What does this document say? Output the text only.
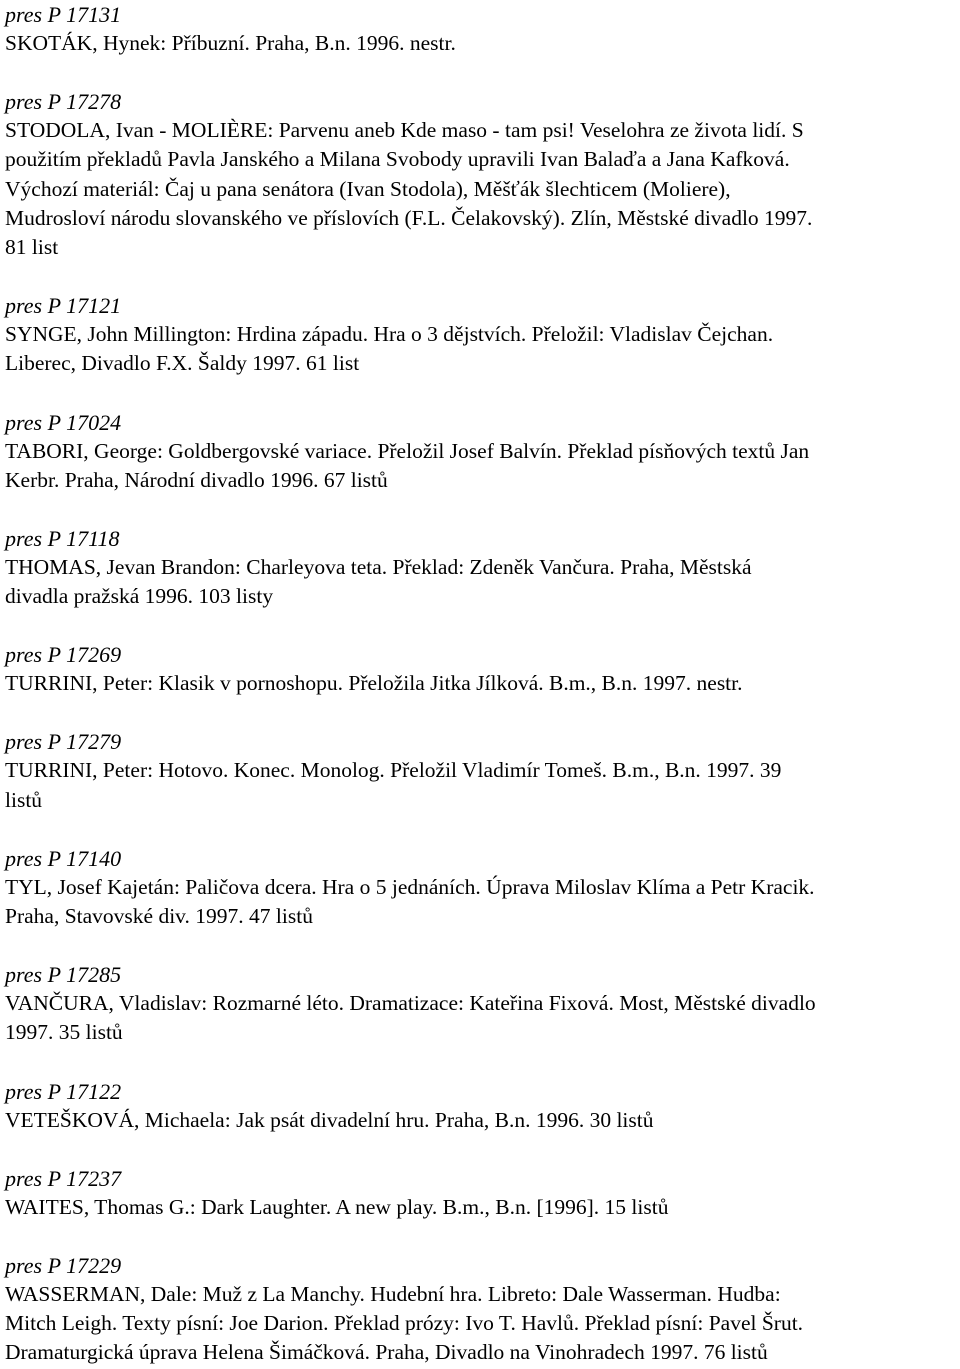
pres P 17131
SKOTÁK, Hynek: Příbuzní. Praha, B.n. 1996. nestr.
pres P 17278
STODOLA, Ivan - MOLIÈRE: Parvenu aneb Kde maso - tam psi! Veselohra ze života lidí. S
použitím překladů Pavla Janského a Milana Svobody upravili Ivan Balaďa a Jana Kafková.
Výchozí materiál: Čaj u pana senátora (Ivan Stodola), Měšťák šlechticem (Moliere),
Mudrosloví národu slovanského ve příslovích (F.L. Čelakovský). Zlín, Městské divadlo 1997.
81 list
pres P 17121
SYNGE, John Millington: Hrdina západu. Hra o 3 dějstvích. Přeložil: Vladislav Čejchan.
Liberec, Divadlo F.X. Šaldy 1997. 61 list
pres P 17024
TABORI, George: Goldbergovské variace. Přeložil Josef Balvín. Překlad písňových textů Jan
Kerbr. Praha, Národní divadlo 1996. 67 listů
pres P 17118
THOMAS, Jevan Brandon: Charleyova teta. Překlad: Zdeněk Vančura. Praha, Městská
divadla pražská 1996. 103 listy
pres P 17269
TURRINI, Peter: Klasik v pornoshopu. Přeložila Jitka Jílková. B.m., B.n. 1997. nestr.
pres P 17279
TURRINI, Peter: Hotovo. Konec. Monolog. Přeložil Vladimír Tomeš. B.m., B.n. 1997. 39
listů
pres P 17140
TYL, Josef Kajetán: Paličova dcera. Hra o 5 jednáních. Úprava Miloslav Klíma a Petr Kracik.
Praha, Stavovské div. 1997. 47 listů
pres P 17285
VANČURA, Vladislav: Rozmarné léto. Dramatizace: Kateřina Fixová. Most, Městské divadlo
1997. 35 listů
pres P 17122
VETEŠKOVÁ, Michaela: Jak psát divadelní hru. Praha, B.n. 1996. 30 listů
pres P 17237
WAITES, Thomas G.: Dark Laughter. A new play. B.m., B.n. [1996]. 15 listů
pres P 17229
WASSERMAN, Dale: Muž z La Manchy. Hudební hra. Libreto: Dale Wasserman. Hudba:
Mitch Leigh. Texty písní: Joe Darion. Překlad prózy: Ivo T. Havlů. Překlad písní: Pavel Šrut.
Dramaturgická úprava Helena Šimáčková. Praha, Divadlo na Vinohradech 1997. 76 listů
